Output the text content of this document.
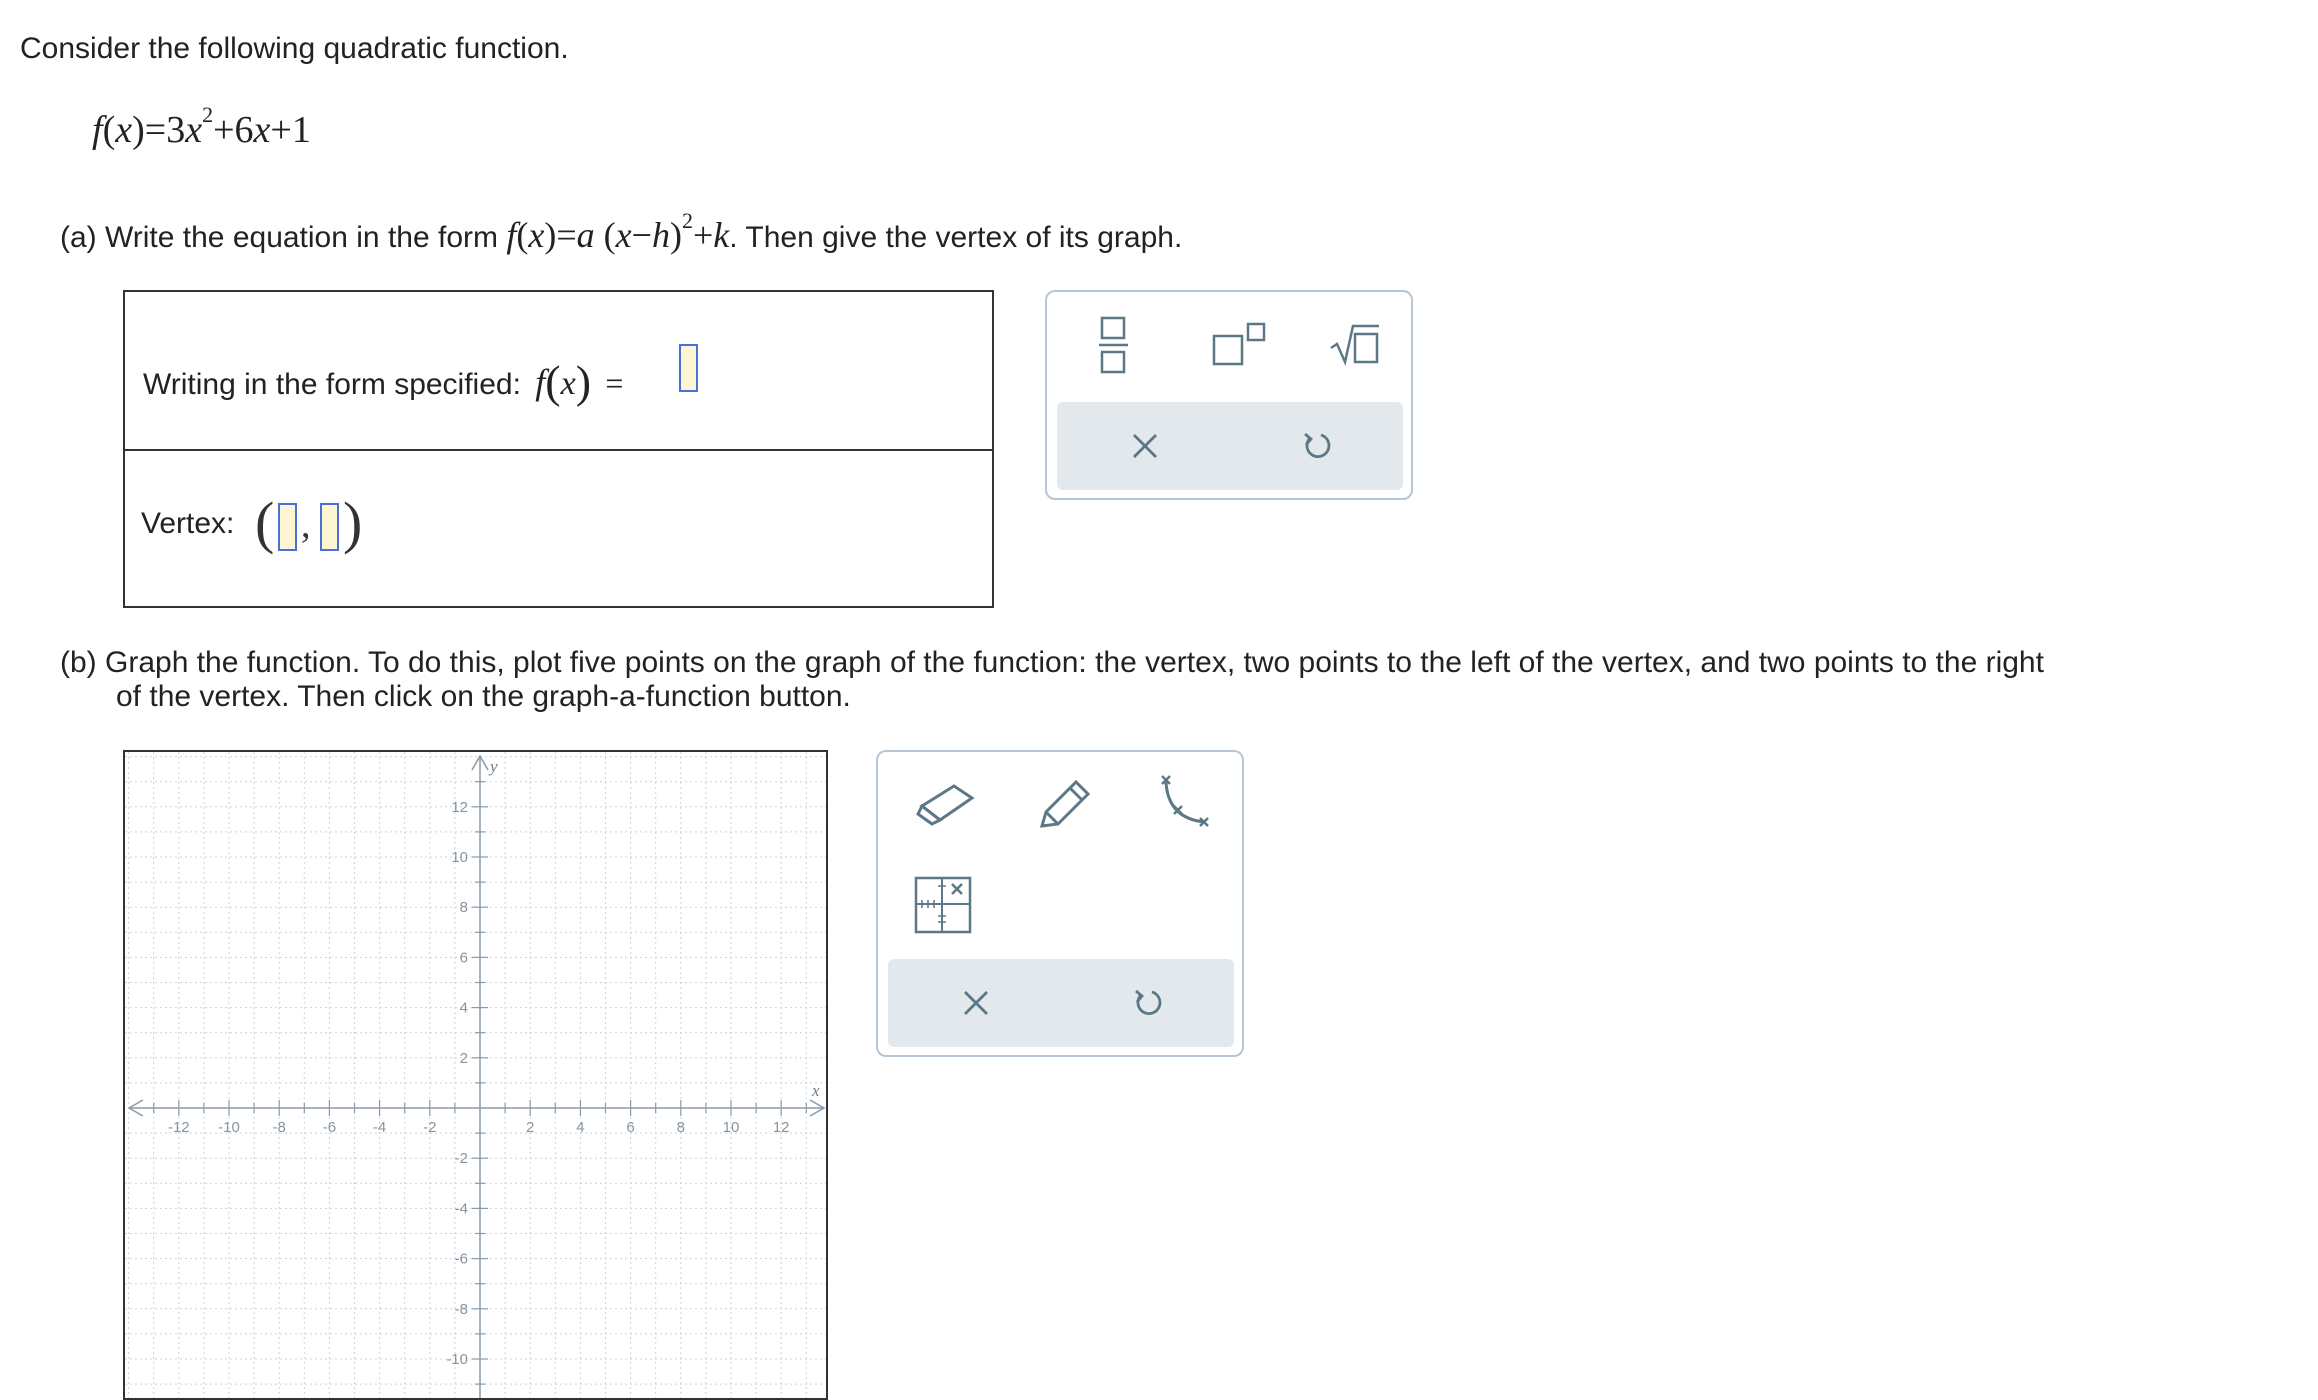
Consider the following quadratic function.
$f(x)=3x^2+6x+1$
(a) Write the equation in the form f(x)=a $(x-h)^2+k$. Then give the vertex of its graph.
Writing in the form specified: f(x) =
Vertex: ( , )
(b) Graph the function. To do this, plot five points on the graph of the function: the vertex, two points to the left of the vertex, and two points to the right
of the vertex. Then click on the graph-a-function button.
x
y
-12 -10 -8 -6 -4 -2	2	4	6	8	10 12
12
10
8
6
4
2
-2
-4
-6
-8
-10
